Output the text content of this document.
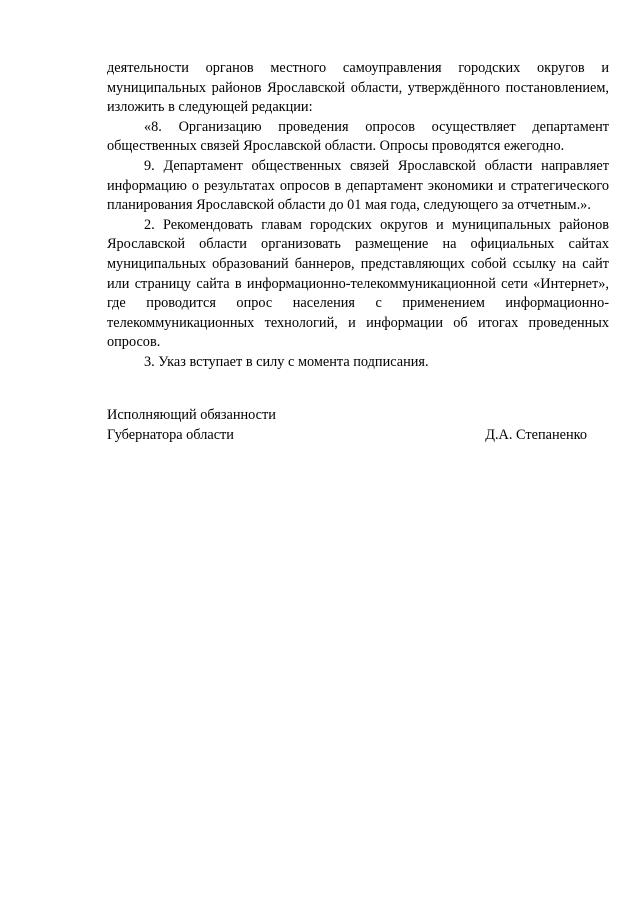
деятельности органов местного самоуправления городских округов и муниципальных районов Ярославской области, утверждённого постановлением, изложить в следующей редакции:

«8. Организацию проведения опросов осуществляет департамент общественных связей Ярославской области. Опросы проводятся ежегодно.

9. Департамент общественных связей Ярославской области направляет информацию о результатах опросов в департамент экономики и стратегического планирования Ярославской области до 01 мая года, следующего за отчетным.».

2. Рекомендовать главам городских округов и муниципальных районов Ярославской области организовать размещение на официальных сайтах муниципальных образований баннеров, представляющих собой ссылку на сайт или страницу сайта в информационно-телекоммуникационной сети «Интернет», где проводится опрос населения с применением информационно-телекоммуникационных технологий, и информации об итогах проведенных опросов.

3. Указ вступает в силу с момента подписания.

Исполняющий обязанности

Губернатора области	Д.А. Степаненко
